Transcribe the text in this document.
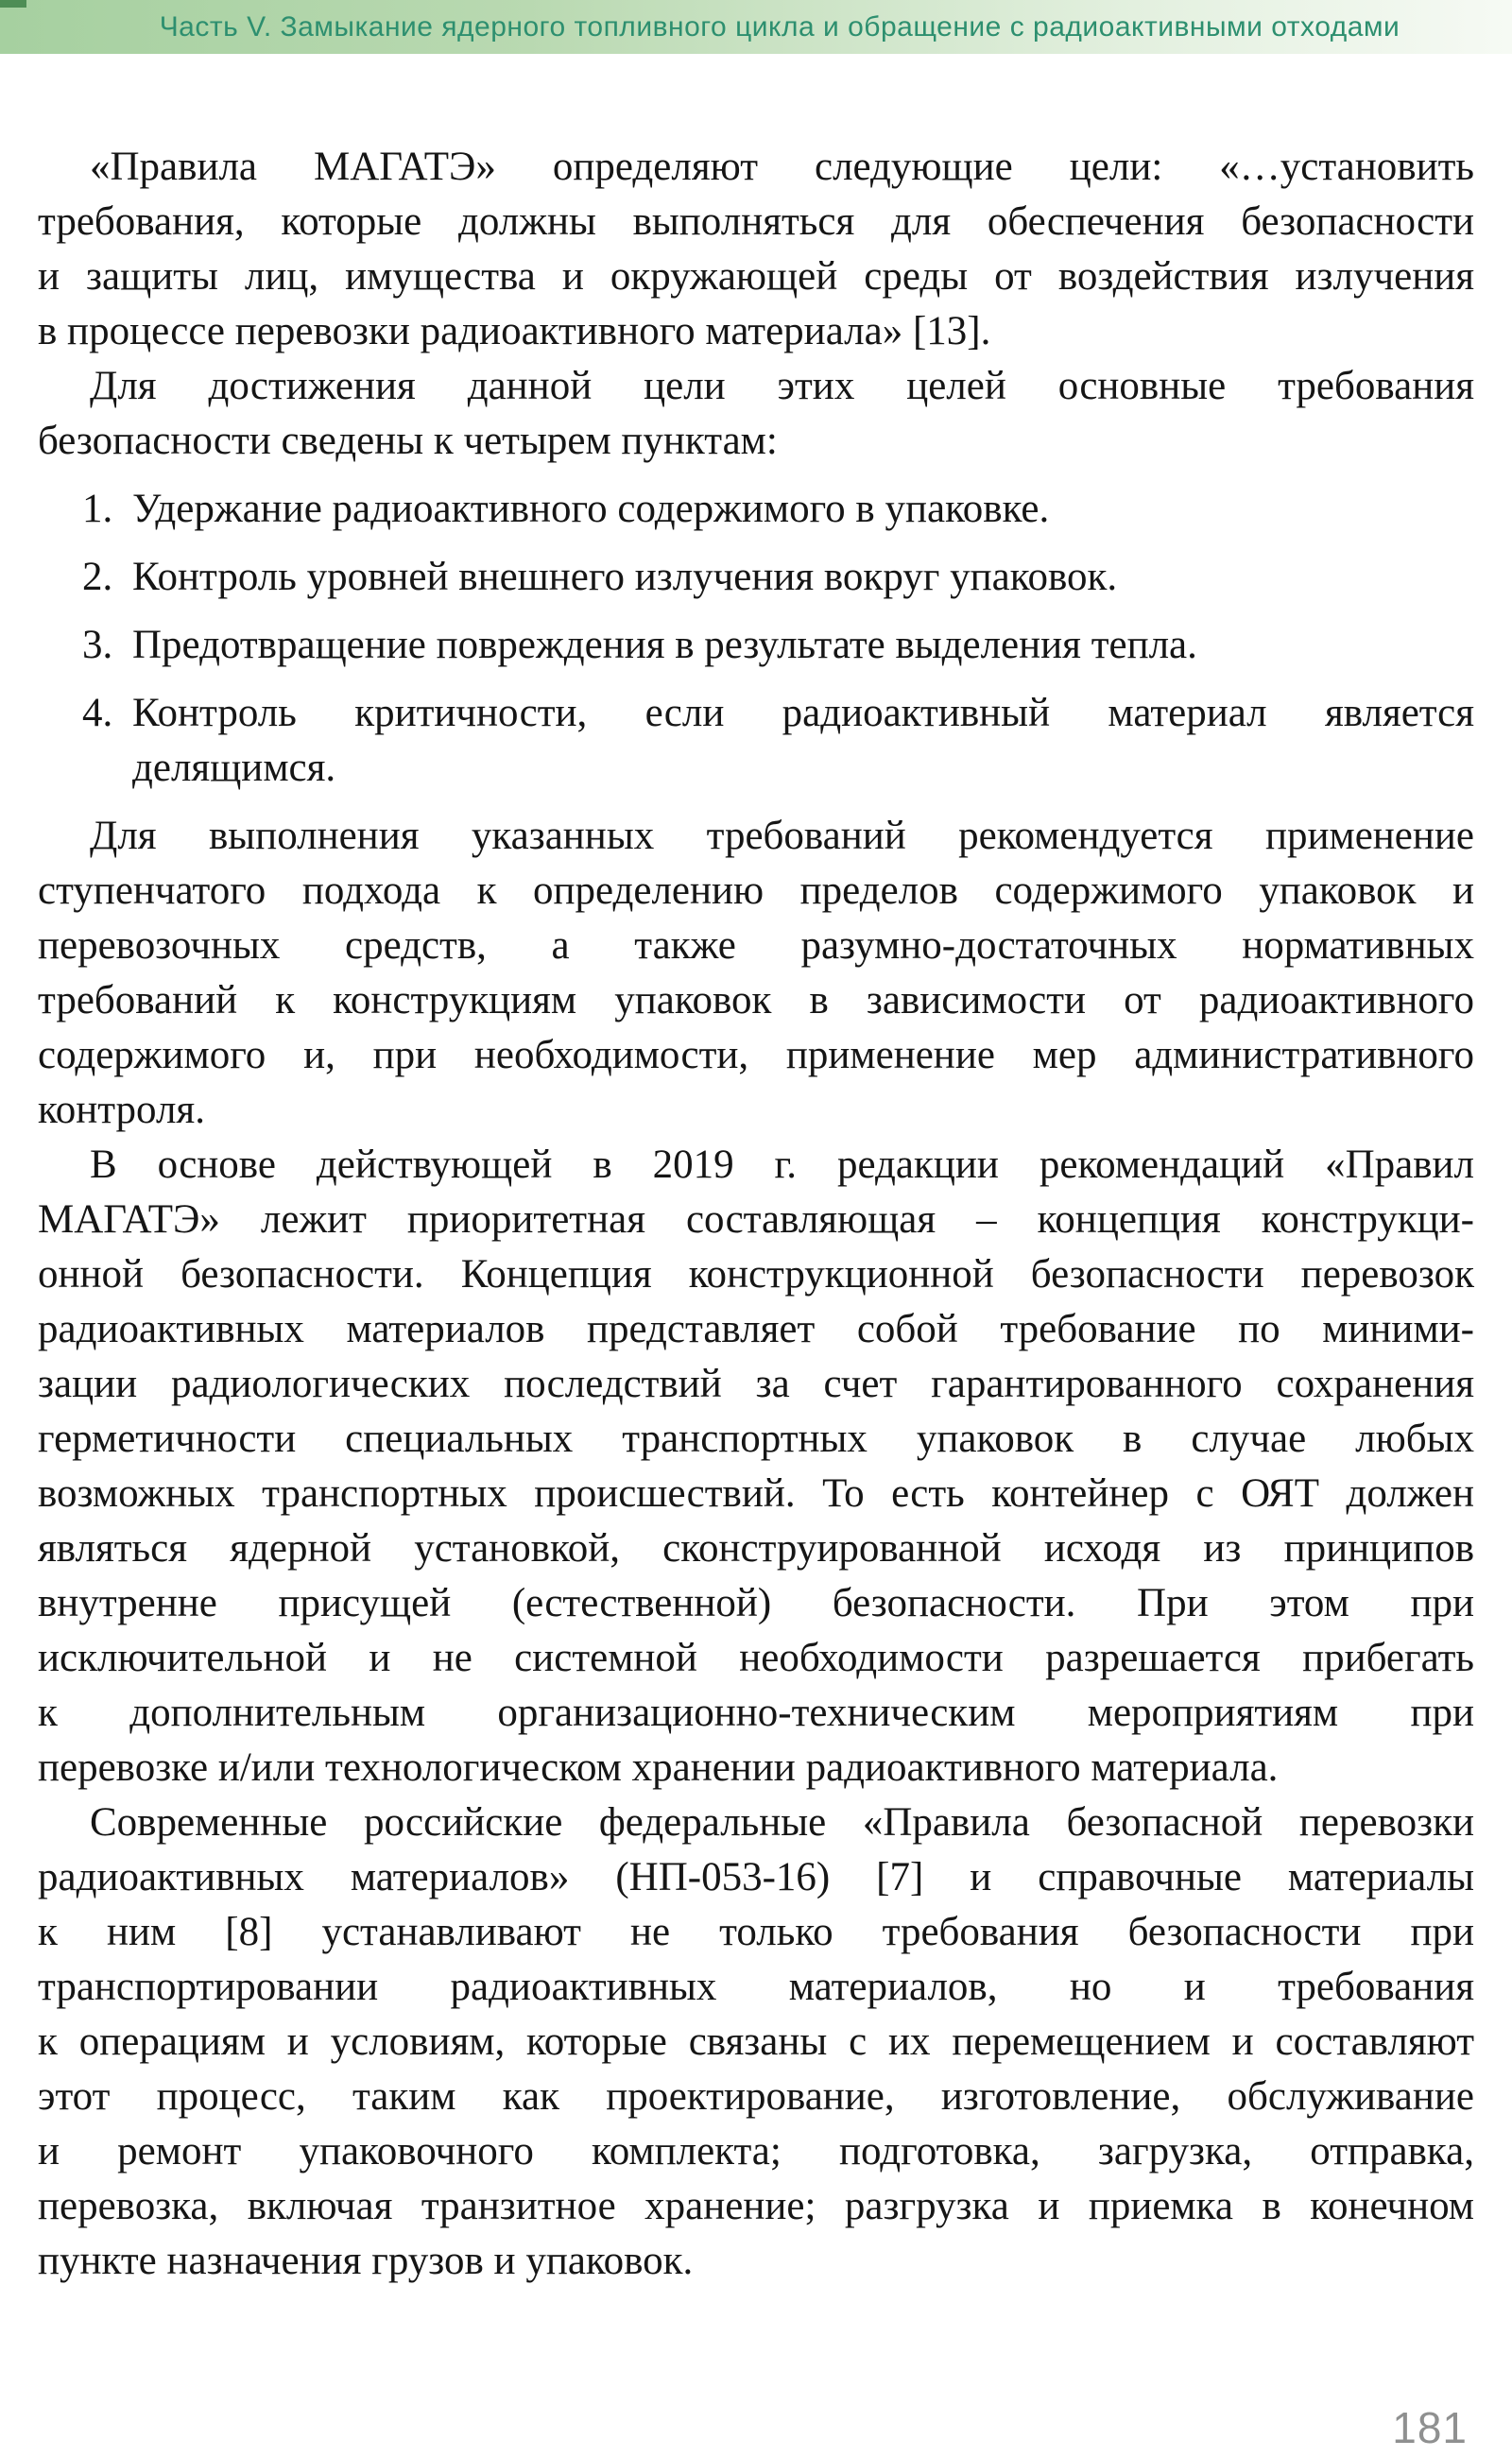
Часть V. Замыкание ядерного топливного цикла и обращение с радиоактивными отходами
«Правила МАГАТЭ» определяют следующие цели: «…установить
требования, которые должны выполняться для обеспечения безопасности
и защиты лиц, имущества и окружающей среды от воздействия излучения
в процессе перевозки радиоактивного материала» [13].
Для достижения данной цели этих целей основные требования
безопасности сведены к четырем пунктам:
1. Удержание радиоактивного содержимого в упаковке.
2. Контроль уровней внешнего излучения вокруг упаковок.
3. Предотвращение повреждения в результате выделения тепла.
4. Контроль критичности, если радиоактивный материал является
делящимся.
Для выполнения указанных требований рекомендуется применение
ступенчатого подхода к определению пределов содержимого упаковок и
перевозочных средств, а также разумно-достаточных нормативных
требований к конструкциям упаковок в зависимости от радиоактивного
содержимого и, при необходимости, применение мер административного
контроля.
В основе действующей в 2019 г. редакции рекомендаций «Правил
МАГАТЭ» лежит приоритетная составляющая – концепция конструкци-
онной безопасности. Концепция конструкционной безопасности перевозок
радиоактивных материалов представляет собой требование по миними-
зации радиологических последствий за счет гарантированного сохранения
герметичности специальных транспортных упаковок в случае любых
возможных транспортных происшествий. То есть контейнер с ОЯТ должен
являться ядерной установкой, сконструированной исходя из принципов
внутренне присущей (естественной) безопасности. При этом при
исключительной и не системной необходимости разрешается прибегать
к дополнительным организационно-техническим мероприятиям при
перевозке и/или технологическом хранении радиоактивного материала.
Современные российские федеральные «Правила безопасной перевозки
радиоактивных материалов» (НП-053-16) [7] и справочные материалы
к ним [8] устанавливают не только требования безопасности при
транспортировании радиоактивных материалов, но и требования
к операциям и условиям, которые связаны с их перемещением и составляют
этот процесс, таким как проектирование, изготовление, обслуживание
и ремонт упаковочного комплекта; подготовка, загрузка, отправка,
перевозка, включая транзитное хранение; разгрузка и приемка в конечном
пункте назначения грузов и упаковок.
181
